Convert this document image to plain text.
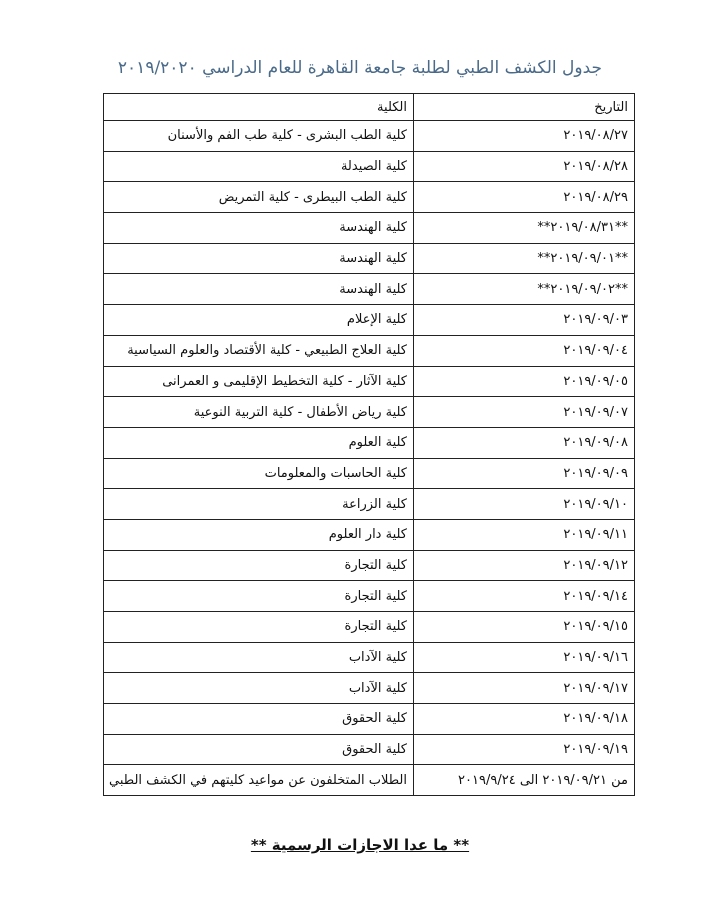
جدول الكشف الطبي لطلبة جامعة القاهرة للعام الدراسي ٢٠١٩/٢٠٢٠
التاريخ	الكلية
٢٠١٩/٠٨/٢٧	كلية الطب البشرى - كلية طب الفم والأسنان
٢٠١٩/٠٨/٢٨	كلية الصيدلة
٢٠١٩/٠٨/٢٩	كلية الطب البيطرى - كلية التمريض
**٢٠١٩/٠٨/٣١**	كلية الهندسة
**٢٠١٩/٠٩/٠١**	كلية الهندسة
**٢٠١٩/٠٩/٠٢**	كلية الهندسة
٢٠١٩/٠٩/٠٣	كلية الإعلام
٢٠١٩/٠٩/٠٤	كلية العلاج الطبيعي - كلية الأقتصاد والعلوم السياسية
٢٠١٩/٠٩/٠٥	كلية الآثار - كلية التخطيط الإقليمى و العمرانى
٢٠١٩/٠٩/٠٧	كلية رياض الأطفال - كلية التربية النوعية
٢٠١٩/٠٩/٠٨	كلية العلوم
٢٠١٩/٠٩/٠٩	كلية الحاسبات والمعلومات
٢٠١٩/٠٩/١٠	كلية الزراعة
٢٠١٩/٠٩/١١	كلية دار العلوم
٢٠١٩/٠٩/١٢	كلية التجارة
٢٠١٩/٠٩/١٤	كلية التجارة
٢٠١٩/٠٩/١٥	كلية التجارة
٢٠١٩/٠٩/١٦	كلية الآداب
٢٠١٩/٠٩/١٧	كلية الآداب
٢٠١٩/٠٩/١٨	كلية الحقوق
٢٠١٩/٠٩/١٩	كلية الحقوق
من ٢٠١٩/٠٩/٢١ الى ٢٠١٩/٩/٢٤	الطلاب المتخلفون عن مواعيد كليتهم في الكشف الطبي
** ما عدا الاجازات الرسمية **
